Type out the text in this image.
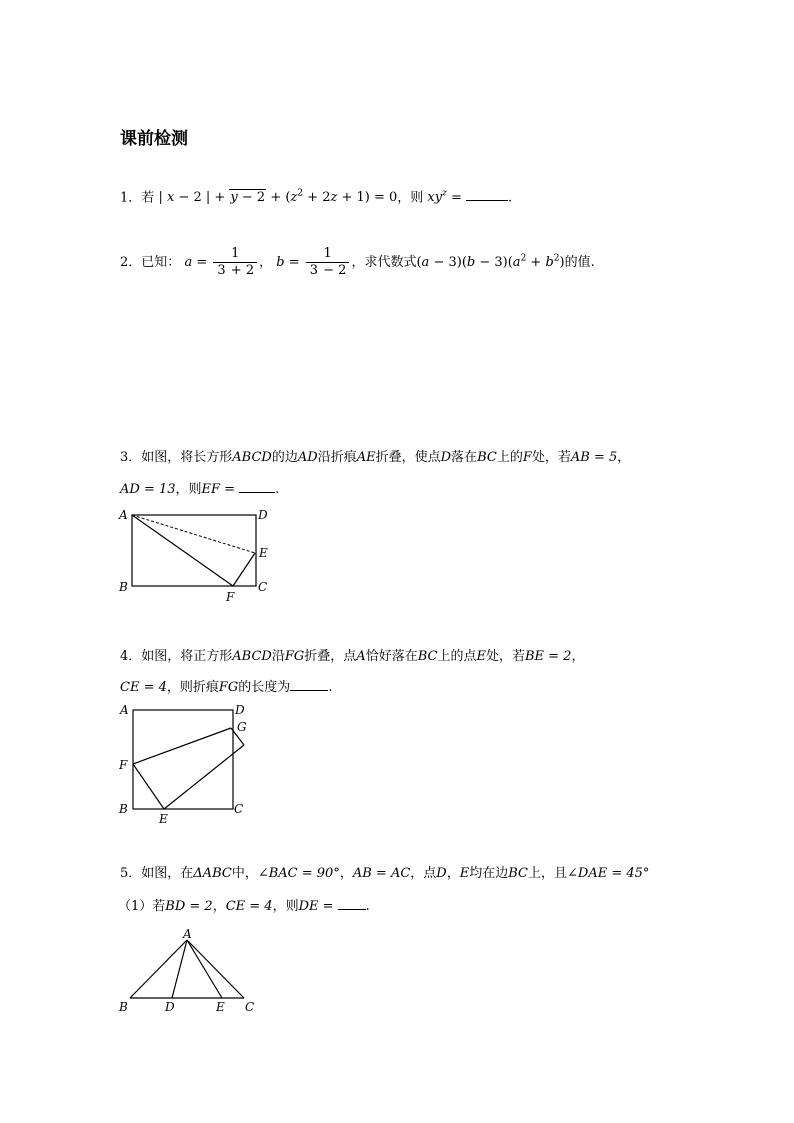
课前检测
1．若 | x − 2 | + $y - 2 + (z^2 + 2z + 1) = 0$，则 $xy^z$ =	.
2．已知： $a = \frac{1}{3 + 2}$ ， $b = \frac{1}{3 - 2}$ ，求代数式$(a - 3)(b - 3)(a^2 + b^2)$的值.
3．如图，将长方形ABCD的边AD沿折痕AE折叠，使点D落在BC上的F处，若AB = 5，
AD = 13，则EF =	.
A	D
E
B	C
F
4．如图，将正方形ABCD沿FG折叠，点A恰好落在BC上的点E处，若BE = 2，
CE = 4，则折痕FG的长度为	.
A	D
G
F
B	C
E
5．如图，在ΔABC中，∠BAC = 90°，AB = AC，点D，E均在边BC上，且∠DAE = 45°
（1）若BD = 2，CE = 4，则DE = .
A
B	D	E C
